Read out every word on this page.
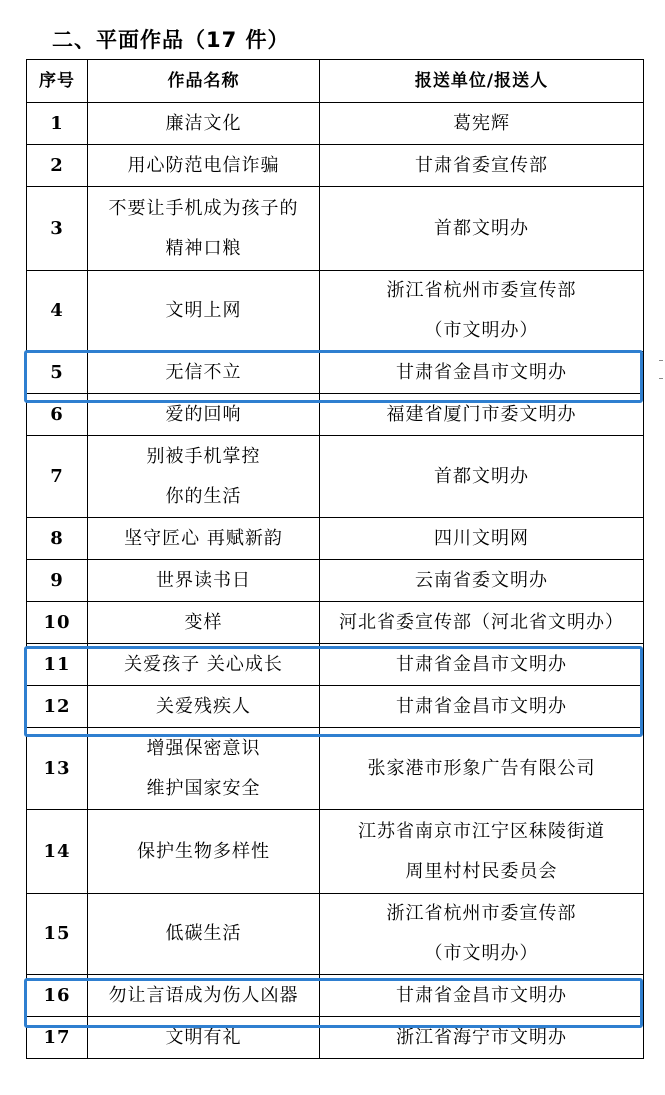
二、平面作品（17 件）
序号	作品名称	报送单位/报送人
1	廉洁文化	葛宪辉

2	用心防范电信诈骗	甘肃省委宣传部

3	不要让手机成为孩子的
精神口粮	首都文明办

4	文明上网	浙江省杭州市委宣传部
（市文明办）

5	无信不立	甘肃省金昌市文明办

6	爱的回响	福建省厦门市委文明办

7	别被手机掌控
你的生活	首都文明办

8	坚守匠心 再赋新韵	四川文明网

9	世界读书日	云南省委文明办

10	变样	河北省委宣传部（河北省文明办）

11	关爱孩子 关心成长	甘肃省金昌市文明办

12	关爱残疾人	甘肃省金昌市文明办

13	增强保密意识
维护国家安全	张家港市形象广告有限公司

14	保护生物多样性	江苏省南京市江宁区秣陵街道
周里村村民委员会

15	低碳生活	浙江省杭州市委宣传部
（市文明办）

16	勿让言语成为伤人凶器	甘肃省金昌市文明办

17	文明有礼	浙江省海宁市文明办
